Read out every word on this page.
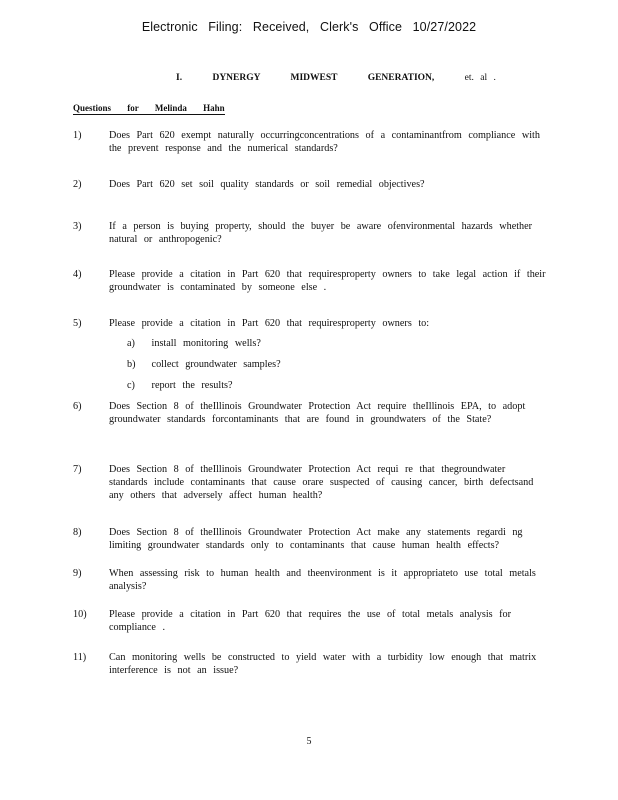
Electronic Filing: Received, Clerk's Office 10/27/2022
I.	DYNERGY MIDWEST GENERATION,	et. al .
Questions for Melinda Hahn
1)	Does Part 620 exempt naturally occurringconcentrations of a contaminantfrom compliance with the prevent response and the numerical standards?
2)	Does Part 620 set soil quality standards or soil remedial objectives?
3)	If a person is buying property, should the buyer be aware ofenvironmental hazards whether natural or anthropogenic?
4)	Please provide a citation in Part 620 that requiresproperty owners to take legal action if their groundwater is contaminated by someone else .
5)	Please provide a citation in Part 620 that requiresproperty owners to:
a) install monitoring wells?
b) collect groundwater samples?
c) report the results?
6)	Does Section 8 of theIllinois Groundwater Protection Act require theIllinois EPA, to adopt groundwater standards forcontaminants that are found in groundwaters of the State?
7)	Does Section 8 of theIllinois Groundwater Protection Act requi re that thegroundwater standards include contaminants that cause orare suspected of causing cancer, birth defectsand any others that adversely affect human health?
8)	Does Section 8 of theIllinois Groundwater Protection Act make any statements regardi ng limiting groundwater standards only to contaminants that cause human health effects?
9)	When assessing risk to human health and theenvironment is it appropriateto use total metals analysis?
10) Please provide a citation in Part 620 that requires the use of total metals analysis for compliance .
11) Can monitoring wells be constructed to yield water with a turbidity low enough that matrix interference is not an issue?
5
